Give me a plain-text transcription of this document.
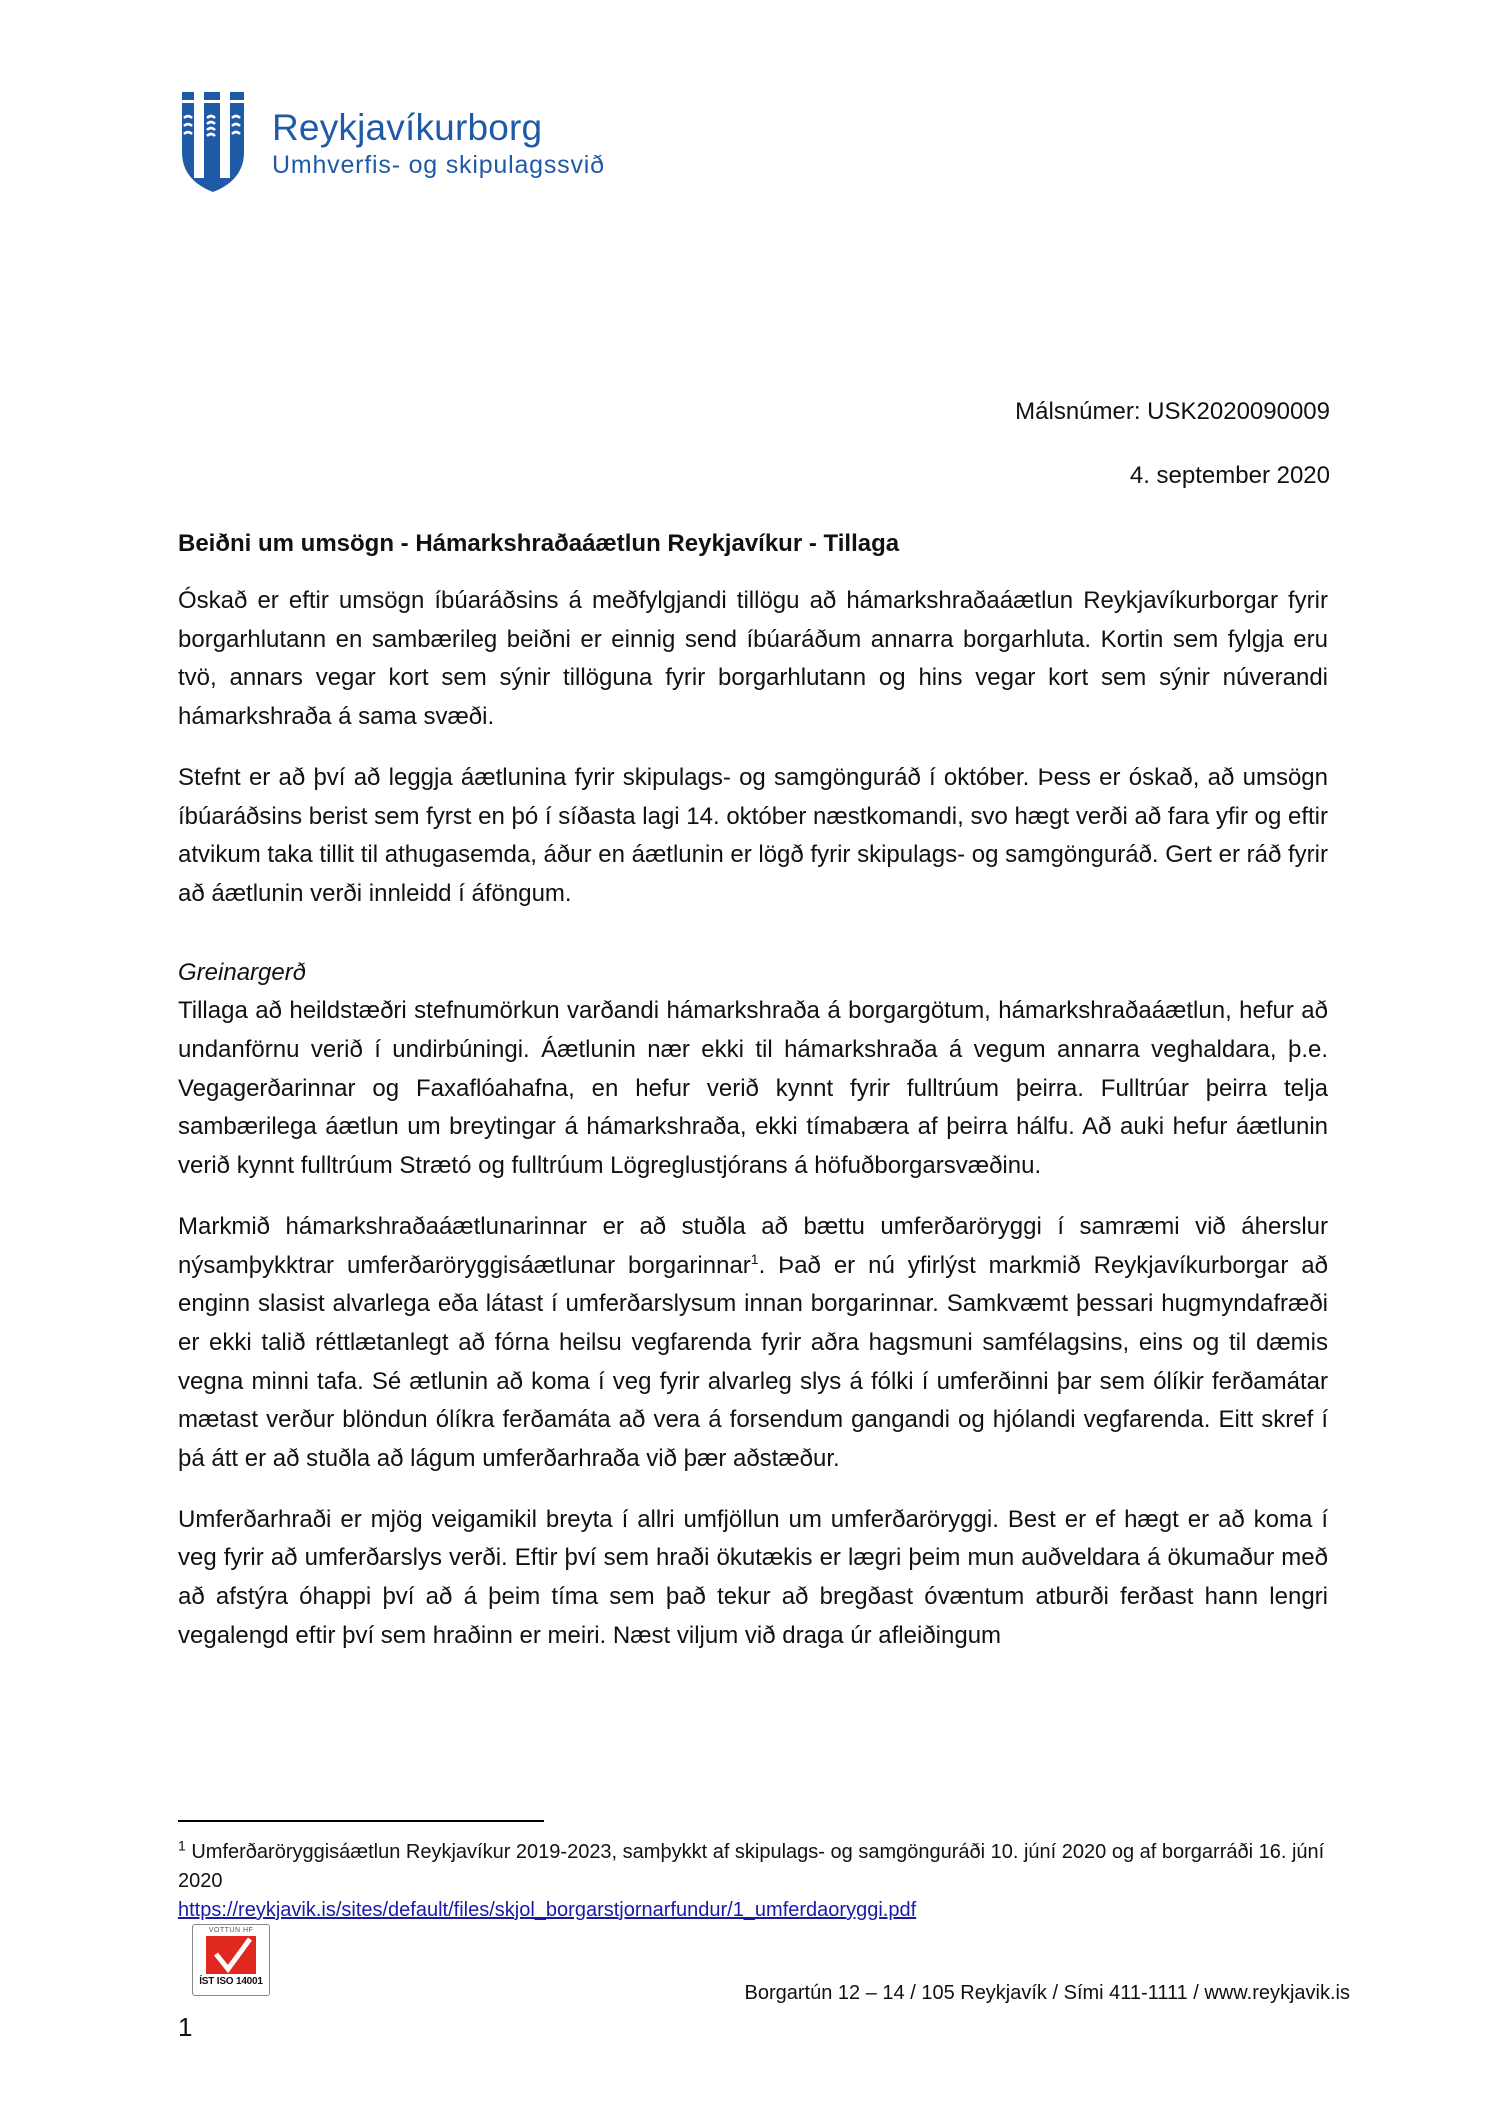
Reykjavíkurborg
Umhverfis- og skipulagssvið
Málsnúmer: USK2020090009
4. september 2020
Beiðni um umsögn - Hámarkshraðaáætlun Reykjavíkur - Tillaga

Óskað er eftir umsögn íbúaráðsins á meðfylgjandi tillögu að hámarkshraðaáætlun Reykjavíkurborgar fyrir borgarhlutann en sambærileg beiðni er einnig send íbúaráðum annarra borgarhluta. Kortin sem fylgja eru tvö, annars vegar kort sem sýnir tillöguna fyrir borgarhlutann og hins vegar kort sem sýnir núverandi hámarkshraða á sama svæði.

Stefnt er að því að leggja áætlunina fyrir skipulags- og samgönguráð í október. Þess er óskað, að umsögn íbúaráðsins berist sem fyrst en þó í síðasta lagi 14. október næstkomandi, svo hægt verði að fara yfir og eftir atvikum taka tillit til athugasemda, áður en áætlunin er lögð fyrir skipulags- og samgönguráð. Gert er ráð fyrir að áætlunin verði innleidd í áföngum.

Greinargerð

Tillaga að heildstæðri stefnumörkun varðandi hámarkshraða á borgargötum, hámarkshraðaáætlun, hefur að undanförnu verið í undirbúningi. Áætlunin nær ekki til hámarkshraða á vegum annarra veghaldara, þ.e. Vegagerðarinnar og Faxaflóahafna, en hefur verið kynnt fyrir fulltrúum þeirra. Fulltrúar þeirra telja sambærilega áætlun um breytingar á hámarkshraða, ekki tímabæra af þeirra hálfu. Að auki hefur áætlunin verið kynnt fulltrúum Strætó og fulltrúum Lögreglustjórans á höfuðborgarsvæðinu.

Markmið hámarkshraðaáætlunarinnar er að stuðla að bættu umferðaröryggi í samræmi við áherslur nýsamþykktrar umferðaröryggisáætlunar borgarinnar$^1$. Það er nú yfirlýst markmið Reykjavíkurborgar að enginn slasist alvarlega eða látast í umferðarslysum innan borgarinnar. Samkvæmt þessari hugmyndafræði er ekki talið réttlætanlegt að fórna heilsu vegfarenda fyrir aðra hagsmuni samfélagsins, eins og til dæmis vegna minni tafa. Sé ætlunin að koma í veg fyrir alvarleg slys á fólki í umferðinni þar sem ólíkir ferðamátar mætast verður blöndun ólíkra ferðamáta að vera á forsendum gangandi og hjólandi vegfarenda. Eitt skref í þá átt er að stuðla að lágum umferðarhraða við þær aðstæður.

Umferðarhraði er mjög veigamikil breyta í allri umfjöllun um umferðaröryggi. Best er ef hægt er að koma í veg fyrir að umferðarslys verði. Eftir því sem hraði ökutækis er lægri þeim mun auðveldara á ökumaður með að afstýra óhappi því að á þeim tíma sem það tekur að bregðast óvæntum atburði ferðast hann lengri vegalengd eftir því sem hraðinn er meiri. Næst viljum við draga úr afleiðingum

$^1$ Umferðaröryggisáætlun Reykjavíkur 2019-2023, samþykkt af skipulags- og samgönguráði 10. júní 2020 og af borgarráði 16. júní 2020
https://reykjavik.is/sites/default/files/skjol_borgarstjornarfundur/1_umferdaoryggi.pdf
VOTTUN HF
ÍST ISO 14001
1
Borgartún 12 – 14 / 105 Reykjavík / Sími 411-1111 / www.reykjavik.is
